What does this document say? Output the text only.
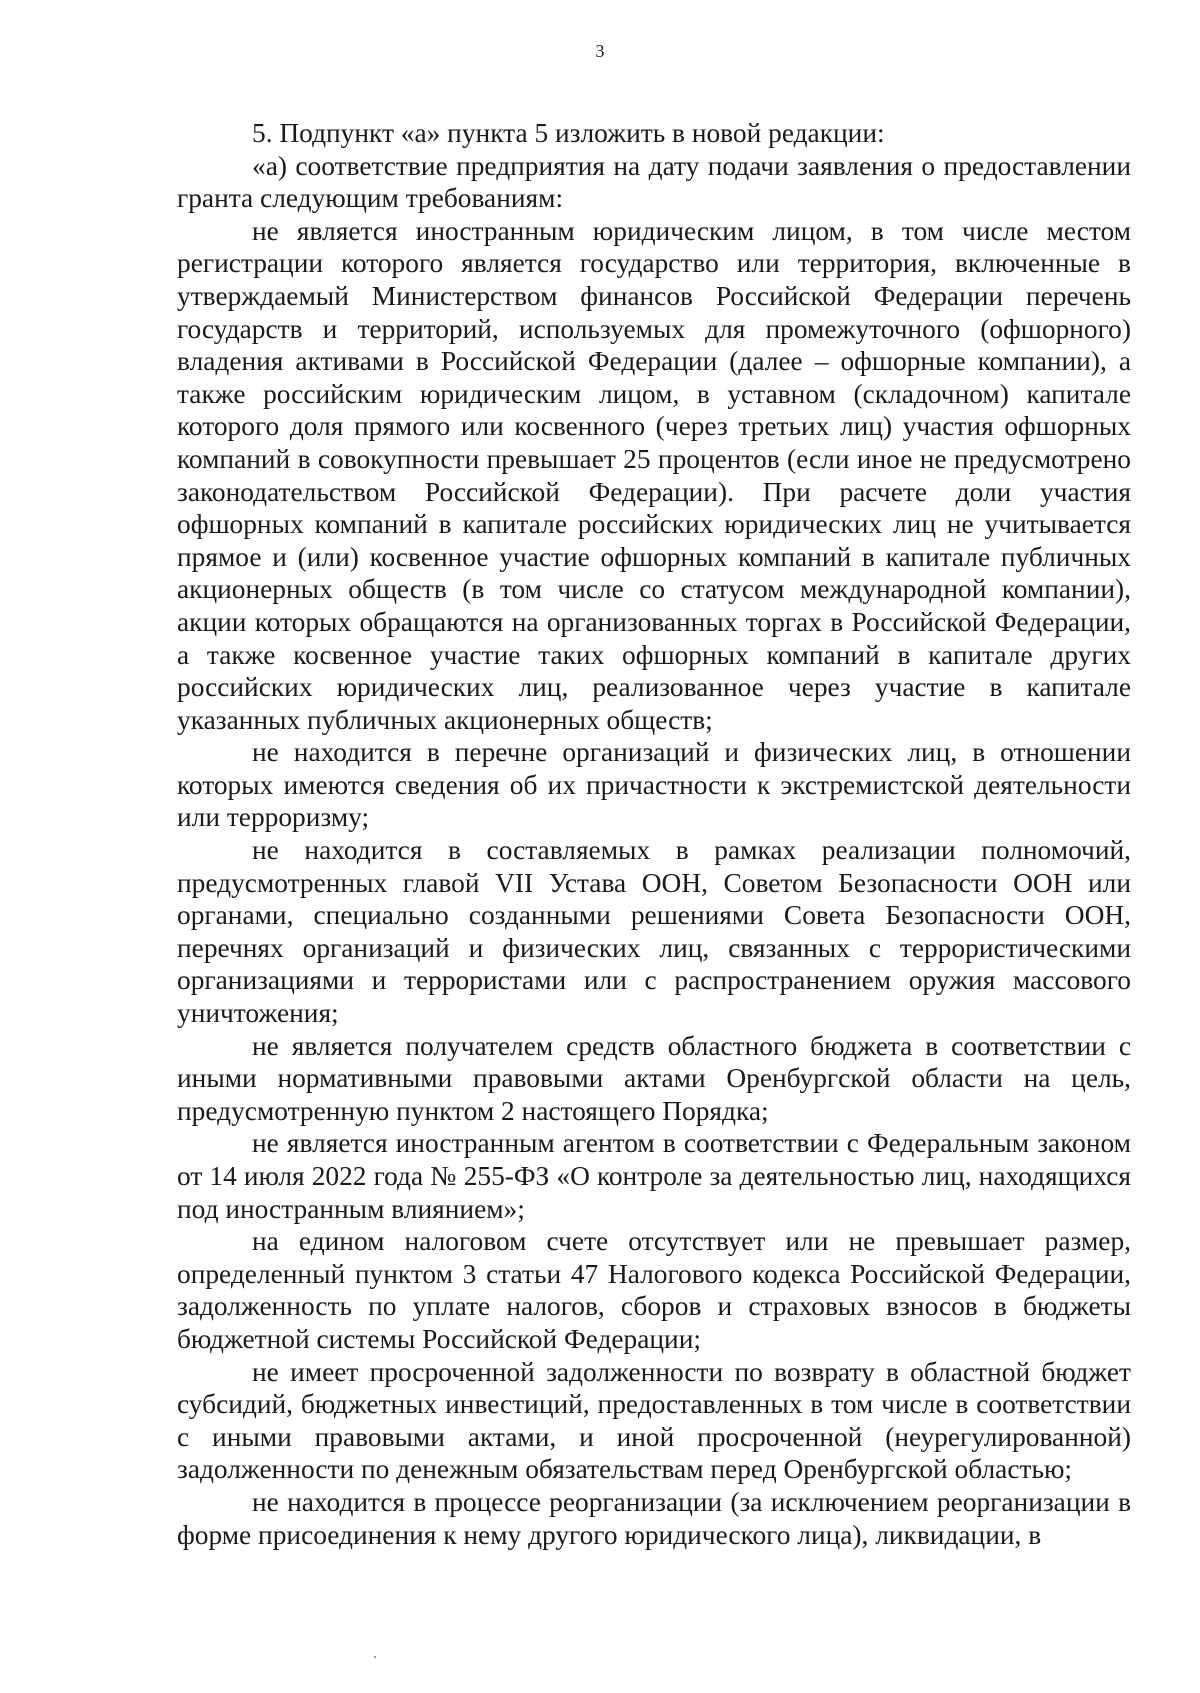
3

5. Подпункт «а» пункта 5 изложить в новой редакции:

«а) соответствие предприятия на дату подачи заявления о предоставлении гранта следующим требованиям:

не является иностранным юридическим лицом, в том числе местом регистрации которого является государство или территория, включенные в утверждаемый Министерством финансов Российской Федерации перечень государств и территорий, используемых для промежуточного (офшорного) владения активами в Российской Федерации (далее – офшорные компании), а также российским юридическим лицом, в уставном (складочном) капитале которого доля прямого или косвенного (через третьих лиц) участия офшорных компаний в совокупности превышает 25 процентов (если иное не предусмотрено законодательством Российской Федерации). При расчете доли участия офшорных компаний в капитале российских юридических лиц не учитывается прямое и (или) косвенное участие офшорных компаний в капитале публичных акционерных обществ (в том числе со статусом международной компании), акции которых обращаются на организованных торгах в Российской Федерации, а также косвенное участие таких офшорных компаний в капитале других российских юридических лиц, реализованное через участие в капитале указанных публичных акционерных обществ;

не находится в перечне организаций и физических лиц, в отношении которых имеются сведения об их причастности к экстремистской деятельности или терроризму;

не находится в составляемых в рамках реализации полномочий, предусмотренных главой VII Устава ООН, Советом Безопасности ООН или органами, специально созданными решениями Совета Безопасности ООН, перечнях организаций и физических лиц, связанных с террористическими организациями и террористами или с распространением оружия массового уничтожения;

не является получателем средств областного бюджета в соответствии с иными нормативными правовыми актами Оренбургской области на цель, предусмотренную пунктом 2 настоящего Порядка;

не является иностранным агентом в соответствии с Федеральным законом от 14 июля 2022 года № 255-ФЗ «О контроле за деятельностью лиц, находящихся под иностранным влиянием»;

на едином налоговом счете отсутствует или не превышает размер, определенный пунктом 3 статьи 47 Налогового кодекса Российской Федерации, задолженность по уплате налогов, сборов и страховых взносов в бюджеты бюджетной системы Российской Федерации;

не имеет просроченной задолженности по возврату в областной бюджет субсидий, бюджетных инвестиций, предоставленных в том числе в соответствии с иными правовыми актами, и иной просроченной (неурегулированной) задолженности по денежным обязательствам перед Оренбургской областью;

не находится в процессе реорганизации (за исключением реорганизации в форме присоединения к нему другого юридического лица), ликвидации, в
